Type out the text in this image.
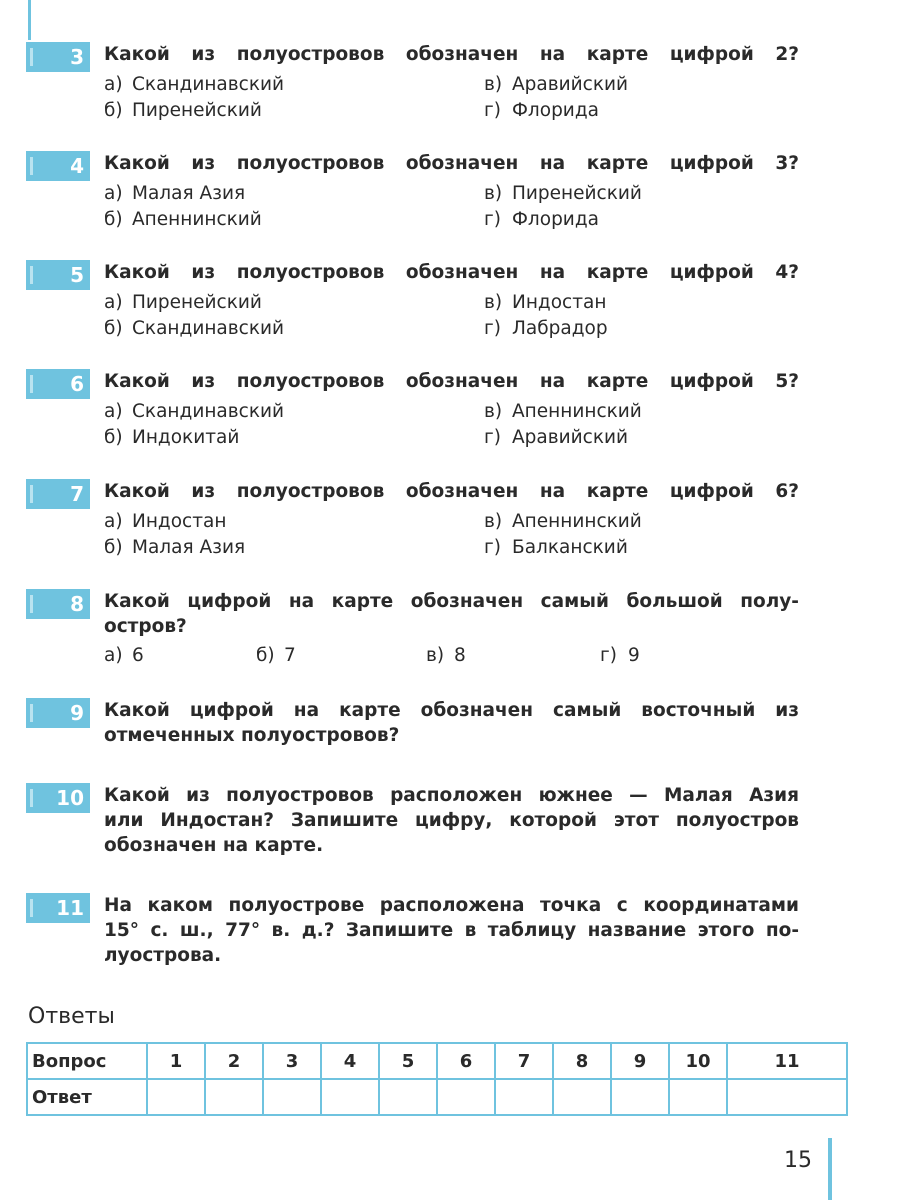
3	Какой из полуостровов обозначен на карте цифрой 2?
а) Скандинавский	в) Аравийский
б) Пиренейский	г) Флорида
4	Какой из полуостровов обозначен на карте цифрой 3?
а) Малая Азия	в) Пиренейский
б) Апеннинский	г) Флорида
5	Какой из полуостровов обозначен на карте цифрой 4?
а) Пиренейский	в) Индостан
б) Скандинавский	г) Лабрадор
6	Какой из полуостровов обозначен на карте цифрой 5?
а) Скандинавский	в) Апеннинский
б) Индокитай	г) Аравийский
7	Какой из полуостровов обозначен на карте цифрой 6?
а) Индостан	в) Апеннинский
б) Малая Азия	г) Балканский
8	Какой цифрой на карте обозначен самый большой полу-
остров?
а) 6	б) 7	в) 8	г) 9
9	Какой цифрой на карте обозначен самый восточный из
отмеченных полуостровов?
10	Какой из полуостровов расположен южнее — Малая Азия
или Индостан? Запишите цифру, которой этот полуостров
обозначен на карте.
11	На каком полуострове расположена точка с координатами
15° с. ш., 77° в. д.? Запишите в таблицу название этого по-
луострова.
Ответы
Вопрос	1	2	3	4	5	6	7	8	9	10	11
Ответ											
15
